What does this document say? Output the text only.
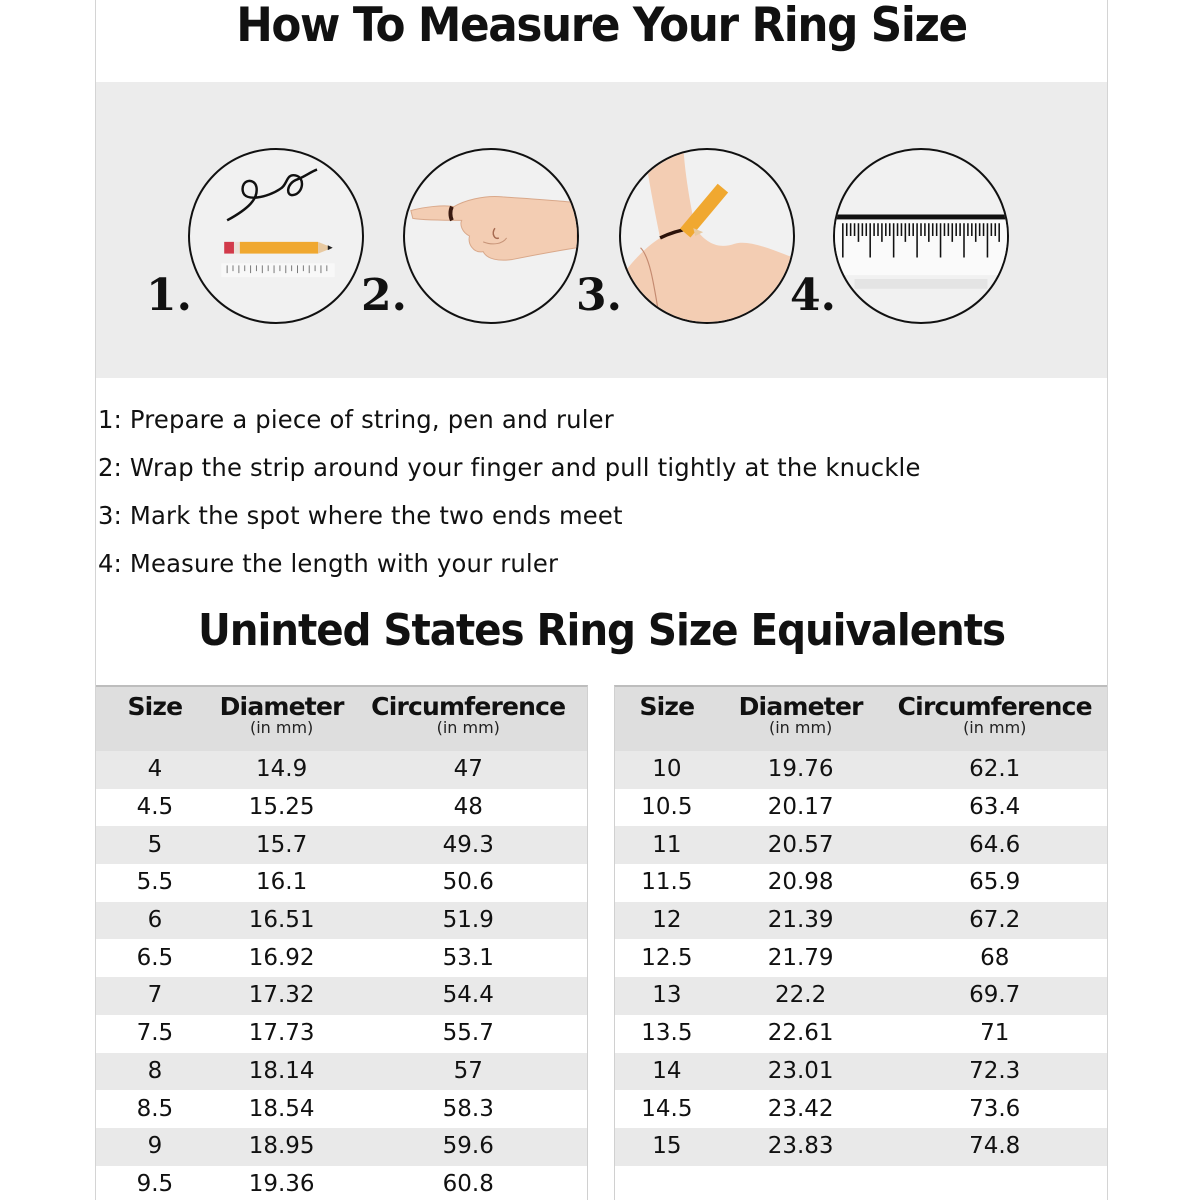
How To Measure Your Ring Size
1.	2.	3.	4.
1: Prepare a piece of string, pen and ruler
2: Wrap the strip around your finger and pull tightly at the knuckle
3: Mark the spot where the two ends meet
4: Measure the length with your ruler
Uninted States Ring Size Equivalents
Size	Diameter
(in mm)
Circumference
(in mm)
4	14.9	47
4.5	15.25	48
5	15.7	49.3
5.5	16.1	50.6
6	16.51	51.9
6.5	16.92	53.1
7	17.32	54.4
7.5	17.73	55.7
8	18.14	57
8.5	18.54	58.3
9	18.95	59.6
9.5	19.36	60.8
Size	Diameter
(in mm)
Circumference
(in mm)
10	19.76	62.1
10.5	20.17	63.4
11	20.57	64.6
11.5	20.98	65.9
12	21.39	67.2
12.5	21.79	68
13	22.2	69.7
13.5	22.61	71
14	23.01	72.3
14.5	23.42	73.6
15	23.83	74.8
